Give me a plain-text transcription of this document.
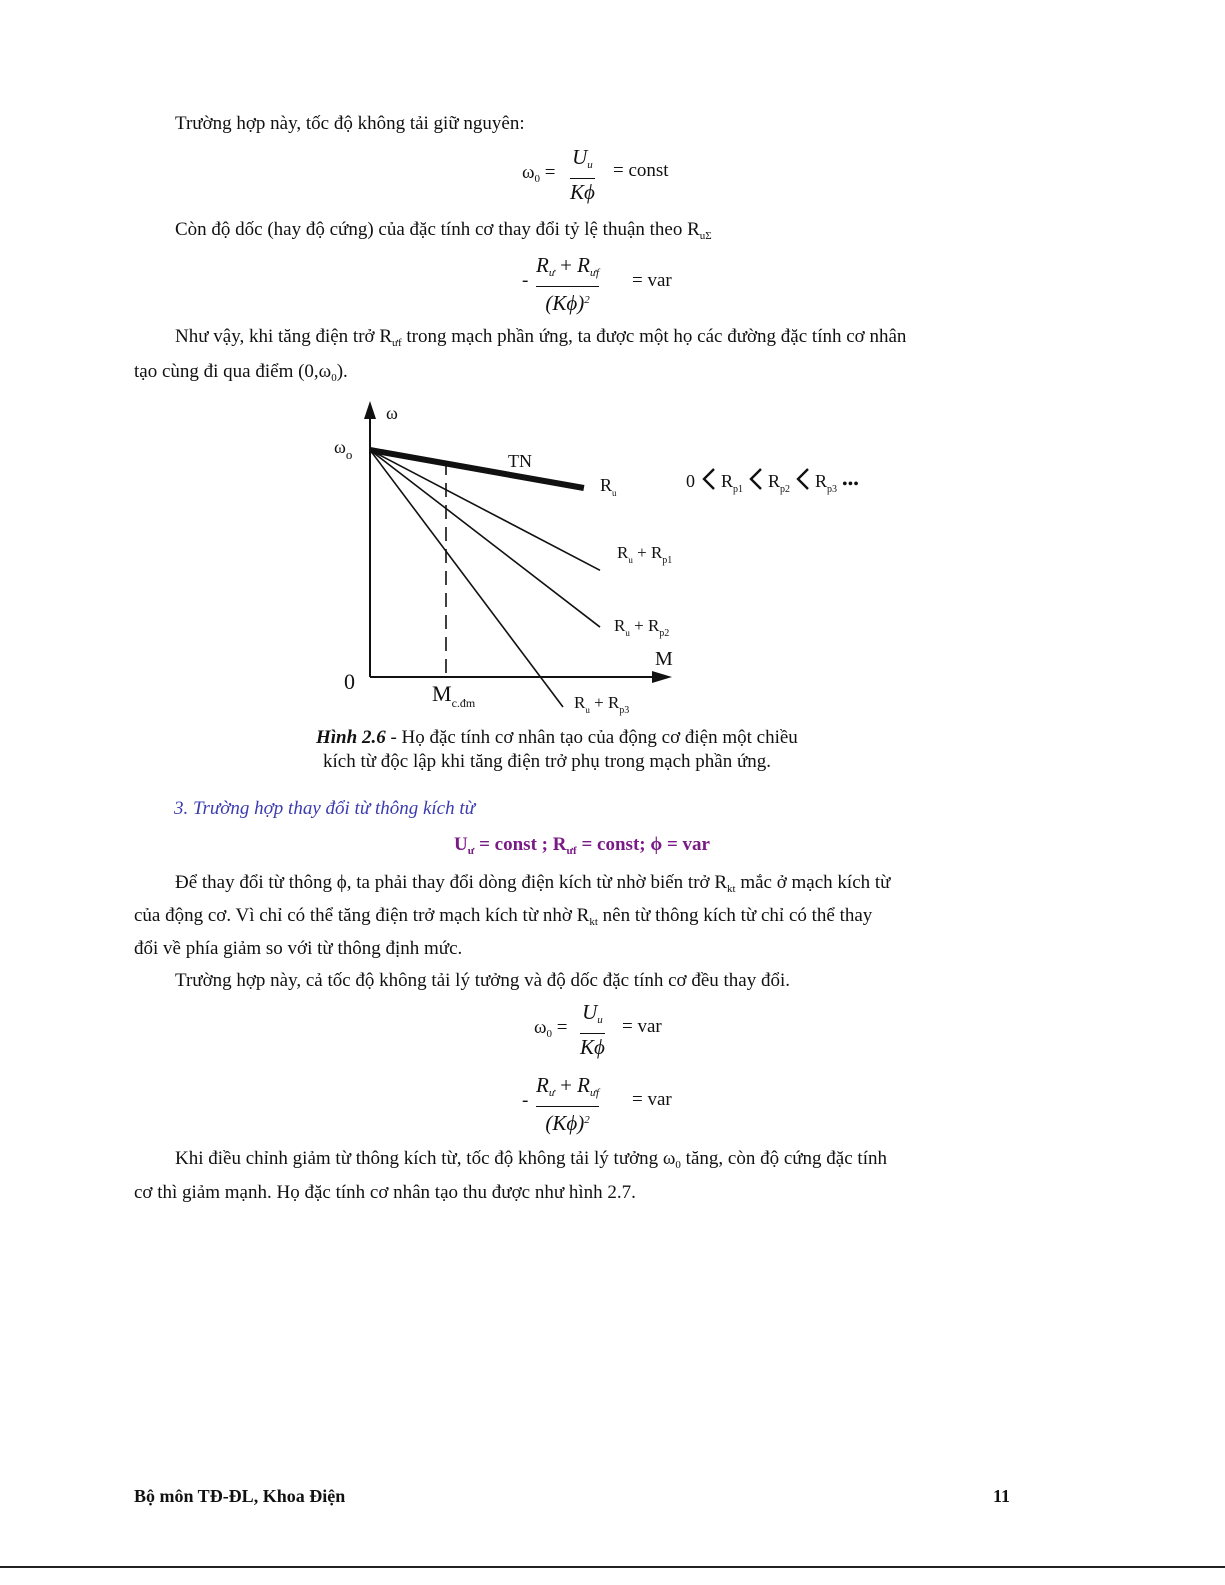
Trường hợp này, tốc độ không tải giữ nguyên:
$\omega_0$ =
$U_u$
Kϕ
= const
Còn độ dốc (hay độ cứng) của đặc tính cơ thay đổi tỷ lệ thuận theo $R_{u\Sigma}$
-
$R_ư + R_{ưf}$
$(K\phi)^2$
= var
Như vậy, khi tăng điện trở $R_{ưf}$ trong mạch phần ứng, ta được một họ các đường đặc tính cơ nhân
tạo cùng đi qua điểm $(0,\omega_0)$.
ω
$\omega_o$
0
M
TN
$M_{c.đm}$
$R_u$
$R_u + R_{p1}$
$R_u + R_{p2}$
$R_u + R_{p3}$
0 $R_{p1}$ $R_{p2}$ $R_{p3}$ •••
Hình 2.6 - Họ đặc tính cơ nhân tạo của động cơ điện một chiều
kích từ độc lập khi tăng điện trở phụ trong mạch phần ứng.
3. Trường hợp thay đổi từ thông kích từ
$U_ư$ = const ; $R_{ưf}$ = const; ϕ = var
Để thay đổi từ thông ϕ, ta phải thay đổi dòng điện kích từ nhờ biến trở $R_{kt}$ mắc ở mạch kích từ
của động cơ. Vì chỉ có thể tăng điện trở mạch kích từ nhờ $R_{kt}$ nên từ thông kích từ chỉ có thể thay
đổi về phía giảm so với từ thông định mức.
Trường hợp này, cả tốc độ không tải lý tưởng và độ dốc đặc tính cơ đều thay đổi.
$\omega_0$ =
$U_u$
Kϕ
= var
-
$R_ư + R_{ưf}$
$(K\phi)^2$
= var
Khi điều chỉnh giảm từ thông kích từ, tốc độ không tải lý tưởng $\omega_0$ tăng, còn độ cứng đặc tính
cơ thì giảm mạnh. Họ đặc tính cơ nhân tạo thu được như hình 2.7.
Bộ môn TĐ-ĐL, Khoa Điện	11
